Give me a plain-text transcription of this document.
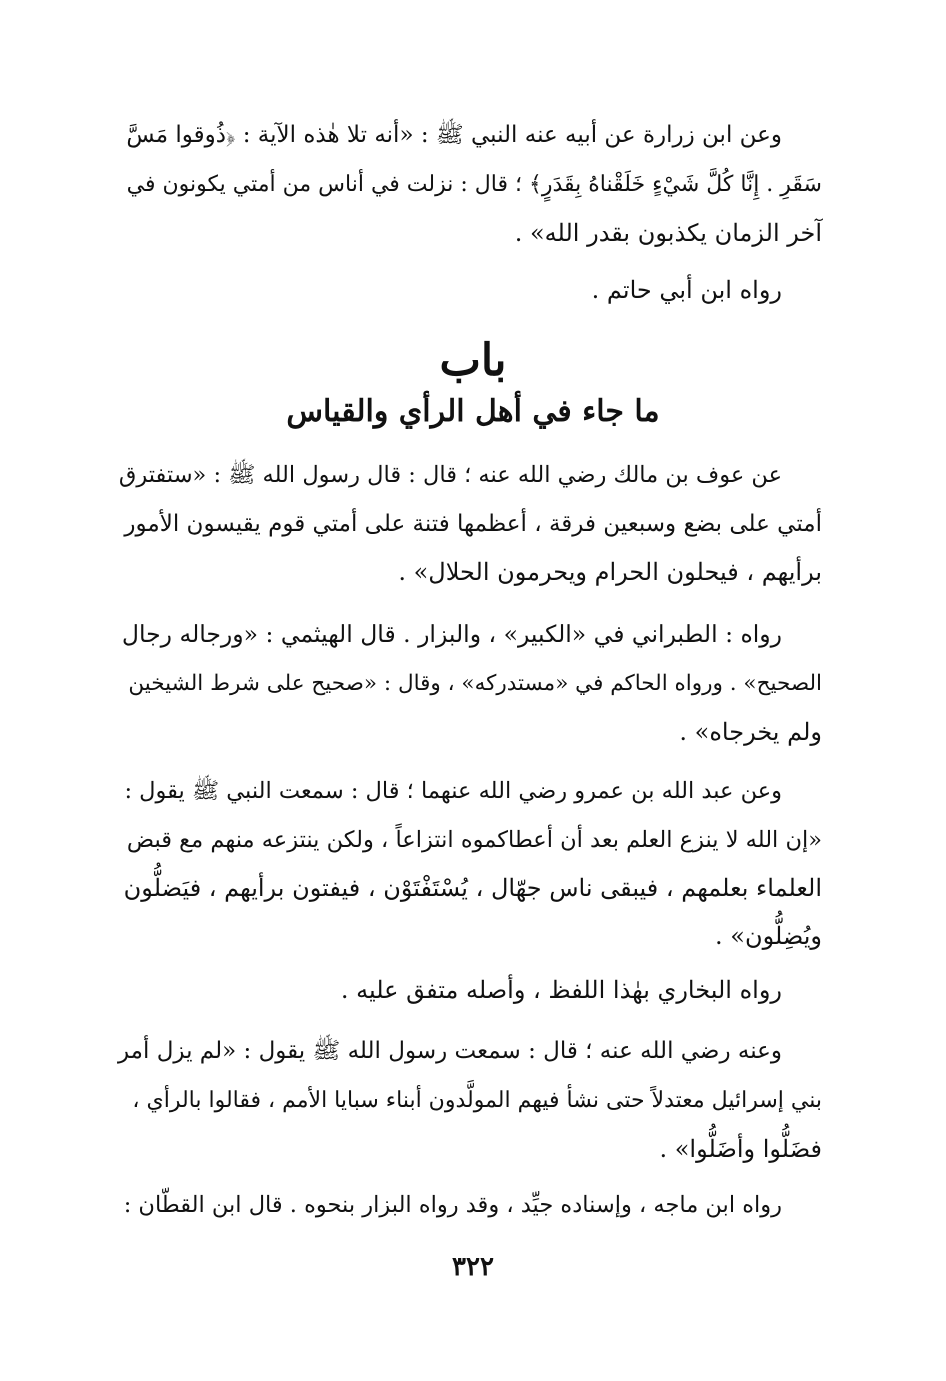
وعن ابن زرارة عن أبيه عنه النبي ﷺ : «أنه تلا هٰذه الآية : ﴿ذُوقوا مَسَّ
سَقَرِ . إِنَّا كُلَّ شَيْءٍ خَلَقْناهُ بِقَدَرٍ﴾ ؛ قال : نزلت في أناس من أمتي يكونون في
آخر الزمان يكذبون بقدر الله» .
رواه ابن أبي حاتم .
باب
ما جاء في أهل الرأي والقياس
عن عوف بن مالك رضي الله عنه ؛ قال : قال رسول الله ﷺ : «ستفترق
أمتي على بضع وسبعين فرقة ، أعظمها فتنة على أمتي قوم يقيسون الأمور
برأيهم ، فيحلون الحرام ويحرمون الحلال» .
رواه : الطبراني في «الكبير» ، والبزار . قال الهيثمي : «ورجاله رجال
الصحيح» . ورواه الحاكم في «مستدركه» ، وقال : «صحيح على شرط الشيخين
ولم يخرجاه» .
وعن عبد الله بن عمرو رضي الله عنهما ؛ قال : سمعت النبي ﷺ يقول :
«إن الله لا ينزع العلم بعد أن أعطاكموه انتزاعاً ، ولكن ينتزعه منهم مع قبض
العلماء بعلمهم ، فيبقى ناس جهّال ، يُسْتَفْتَوْن ، فيفتون برأيهم ، فيَضلُّون
ويُضِلُّون» .
رواه البخاري بهٰذا اللفظ ، وأصله متفق عليه .
وعنه رضي الله عنه ؛ قال : سمعت رسول الله ﷺ يقول : «لم يزل أمر
بني إسرائيل معتدلاً حتى نشأ فيهم المولَّدون أبناء سبايا الأمم ، فقالوا بالرأي ،
فضَلُّوا وأضَلُّوا» .
رواه ابن ماجه ، وإسناده جيِّد ، وقد رواه البزار بنحوه . قال ابن القطّان :
٣٢٢
